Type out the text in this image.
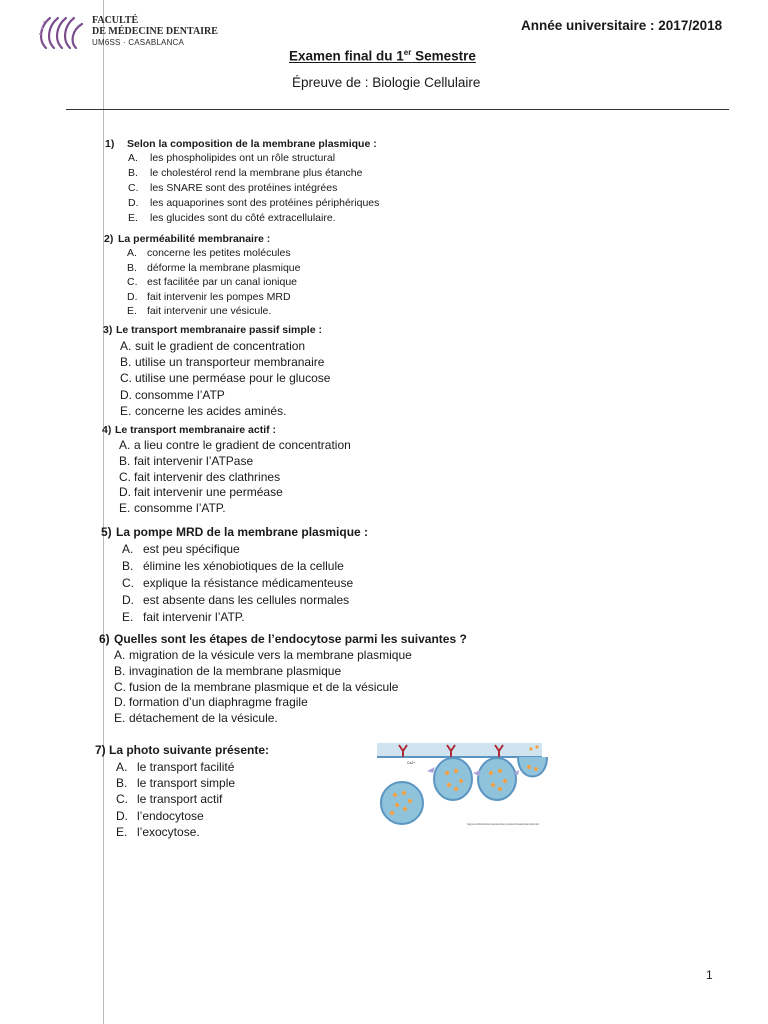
FACULTÉ
DE MÉDECINE DENTAIRE
UM6SS · CASABLANCA
Année universitaire : 2017/2018
Examen final du 1er Semestre
Épreuve de : Biologie Cellulaire
1) Selon la composition de la membrane plasmique :
A. les phospholipides ont un rôle structural
B. le cholestérol rend la membrane plus étanche
C. les SNARE sont des protéines intégrées
D. les aquaporines sont des protéines périphériques
E. les glucides sont du côté extracellulaire.
2) La perméabilité membranaire :
A. concerne les petites molécules
B. déforme la membrane plasmique
C. est facilitée par un canal ionique
D. fait intervenir les pompes MRD
E. fait intervenir une vésicule.
3) Le transport membranaire passif simple :
A. suit le gradient de concentration
B. utilise un transporteur membranaire
C. utilise une perméase pour le glucose
D. consomme l’ATP
E. concerne les acides aminés.
4) Le transport membranaire actif :
A. a lieu contre le gradient de concentration
B. fait intervenir l’ATPase
C. fait intervenir des clathrines
D. fait intervenir une perméase
E. consomme l’ATP.
5) La pompe MRD de la membrane plasmique :
A. est peu spécifique
B. élimine les xénobiotiques de la cellule
C. explique la résistance médicamenteuse
D. est absente dans les cellules normales
E. fait intervenir l’ATP.
6) Quelles sont les étapes de l’endocytose parmi les suivantes ?
A. migration de la vésicule vers la membrane plasmique
B. invagination de la membrane plasmique
C. fusion de la membrane plasmique et de la vésicule
D. formation d’un diaphragme fragile
E. détachement de la vésicule.
7) La photo suivante présente:
A. le transport facilité
B. le transport simple
C. le transport actif
D. l’endocytose
E. l’exocytose.
Ca2+
Studying neurons, Südhof described how the large-release machinery communicates with the associated regulatory machinery which
1
